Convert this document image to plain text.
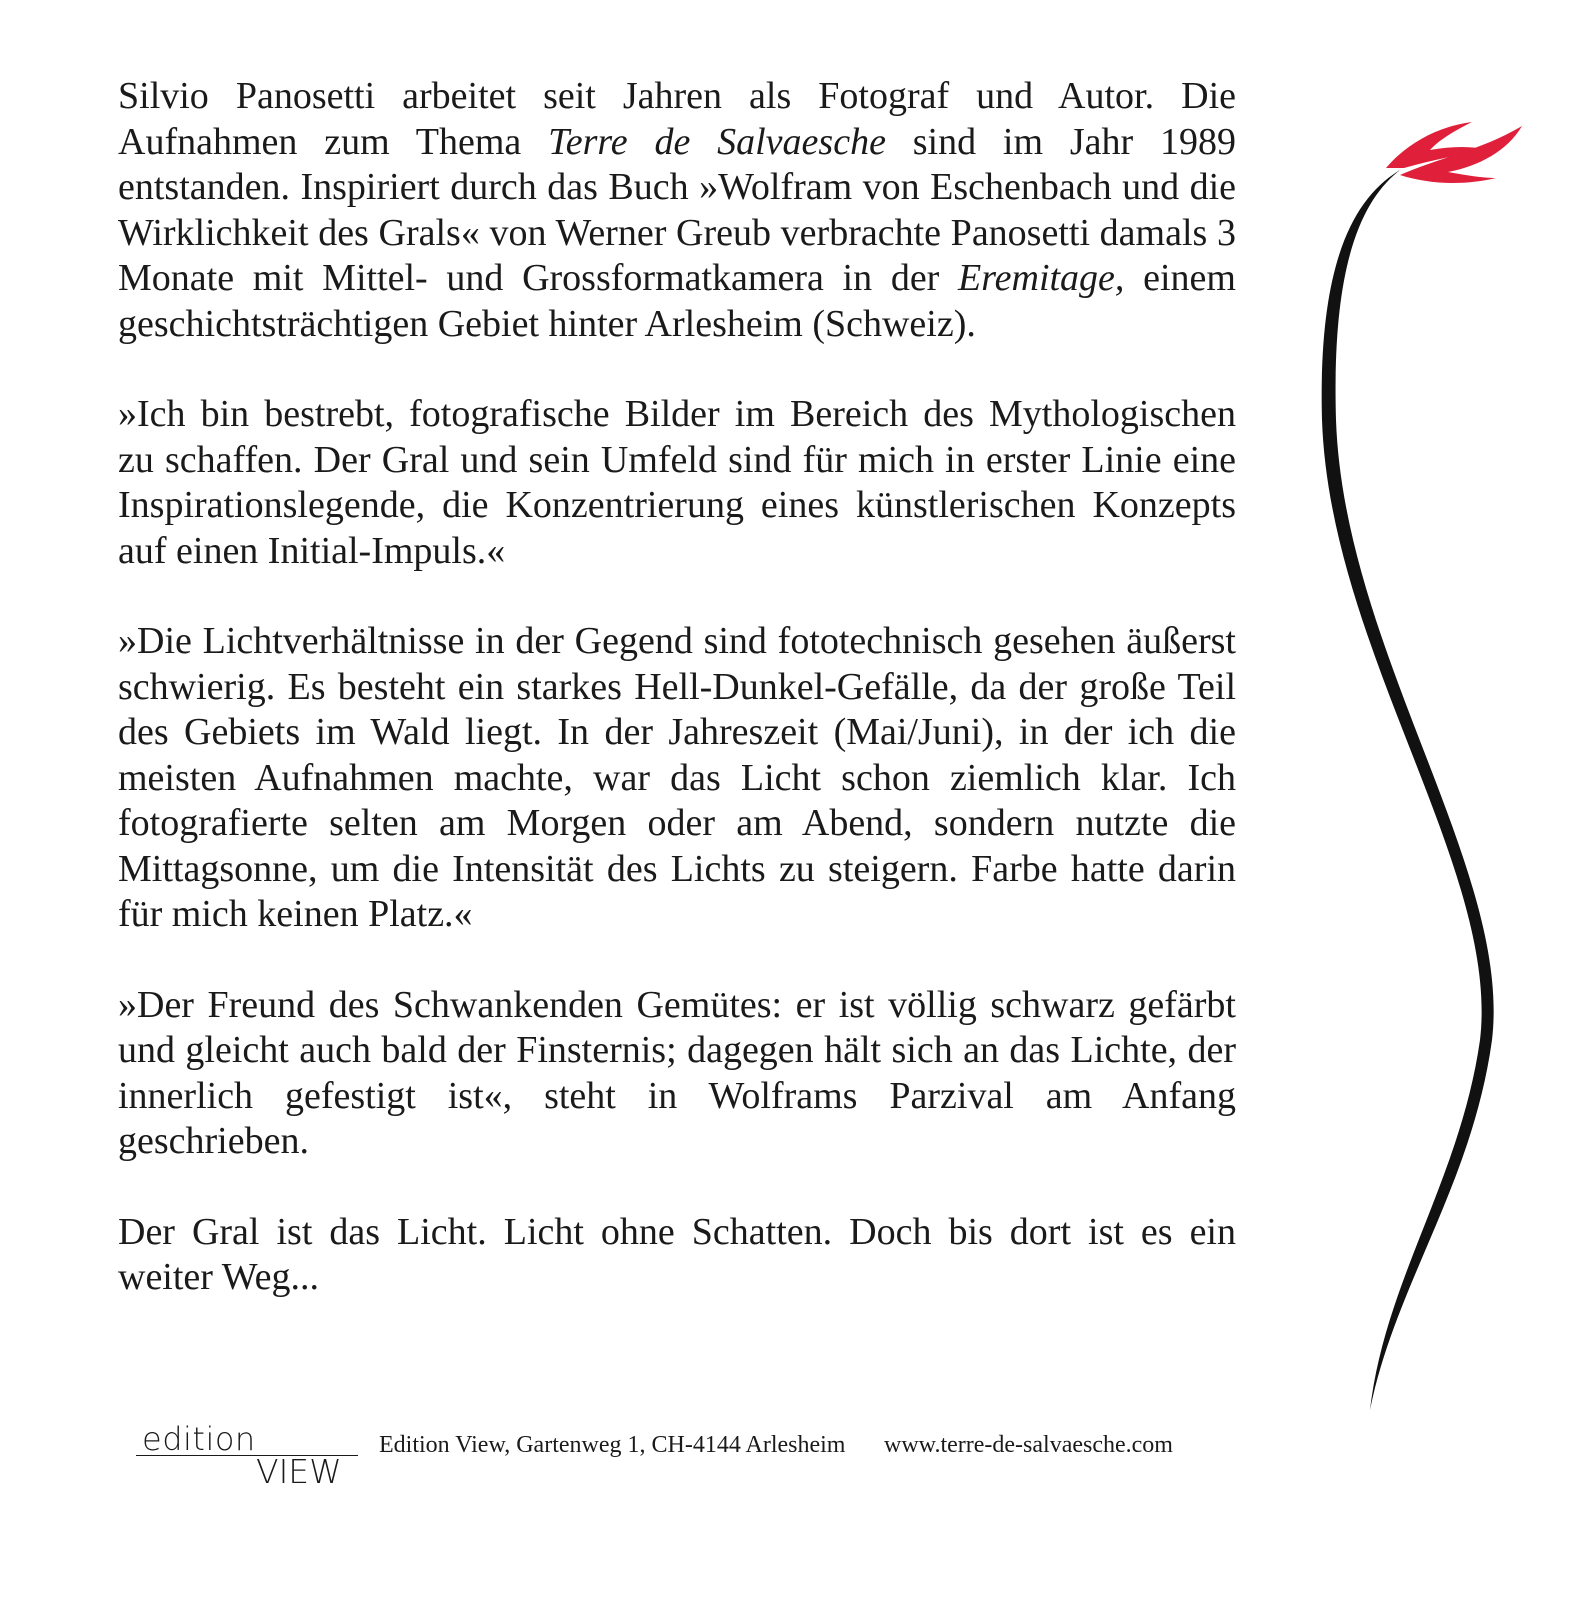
Silvio Panosetti arbeitet seit Jahren als Fotograf und Autor. Die Aufnahmen zum Thema Terre de Salvaesche sind im Jahr 1989 entstanden. Inspiriert durch das Buch »Wolfram von Eschenbach und die Wirklichkeit des Grals« von Werner Greub verbrachte Panosetti damals 3 Monate mit Mittel- und Grossformatkamera in der Eremitage, einem geschichtsträchtigen Gebiet hinter Arlesheim (Schweiz).

»Ich bin bestrebt, fotografische Bilder im Bereich des Mythologischen zu schaffen. Der Gral und sein Umfeld sind für mich in erster Linie eine Inspirationslegende, die Konzentrierung eines künstlerischen Konzepts auf einen Initial-Impuls.«

»Die Lichtverhältnisse in der Gegend sind fototechnisch gesehen äußerst schwierig. Es besteht ein starkes Hell-Dunkel-Gefälle, da der große Teil des Gebiets im Wald liegt. In der Jahreszeit (Mai/Juni), in der ich die meisten Aufnahmen machte, war das Licht schon ziemlich klar. Ich fotografierte selten am Morgen oder am Abend, sondern nutzte die Mittagsonne, um die Intensität des Lichts zu steigern. Farbe hatte darin für mich keinen Platz.«

»Der Freund des Schwankenden Gemütes: er ist völlig schwarz gefärbt und gleicht auch bald der Finsternis; dagegen hält sich an das Lichte, der innerlich gefestigt ist«, steht in Wolframs Parzival am Anfang geschrieben.

Der Gral ist das Licht. Licht ohne Schatten. Doch bis dort ist es ein weiter Weg...

edition
VIEW
Edition View, Gartenweg 1, CH-4144 Arlesheim www.terre-de-salvaesche.com
